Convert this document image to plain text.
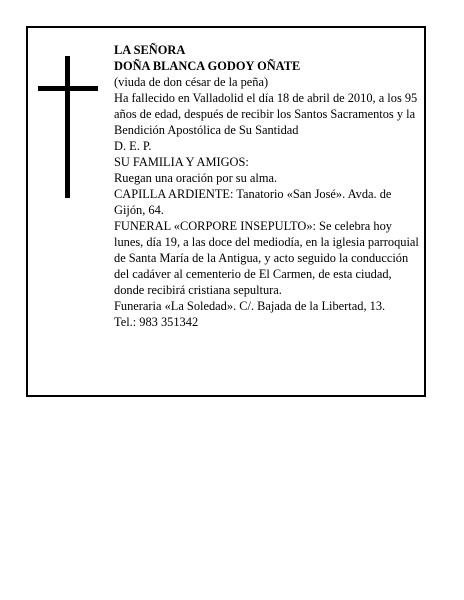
LA SEÑORA

DOÑA BLANCA GODOY OÑATE

(viuda de don césar de la peña)

Ha fallecido en Valladolid el día 18 de abril de 2010, a los 95 años de edad, después de recibir los Santos Sacramentos y la Bendición Apostólica de Su Santidad

D. E. P.

SU FAMILIA Y AMIGOS:

Ruegan una oración por su alma.

CAPILLA ARDIENTE: Tanatorio «San José». Avda. de Gijón, 64.

FUNERAL «CORPORE INSEPULTO»: Se celebra hoy lunes, día 19, a las doce del mediodía, en la iglesia parroquial de Santa María de la Antigua, y acto seguido la conducción del cadáver al cementerio de El Carmen, de esta ciudad, donde recibirá cristiana sepultura.

Funeraria «La Soledad». C/. Bajada de la Libertad, 13.

Tel.: 983 351342
